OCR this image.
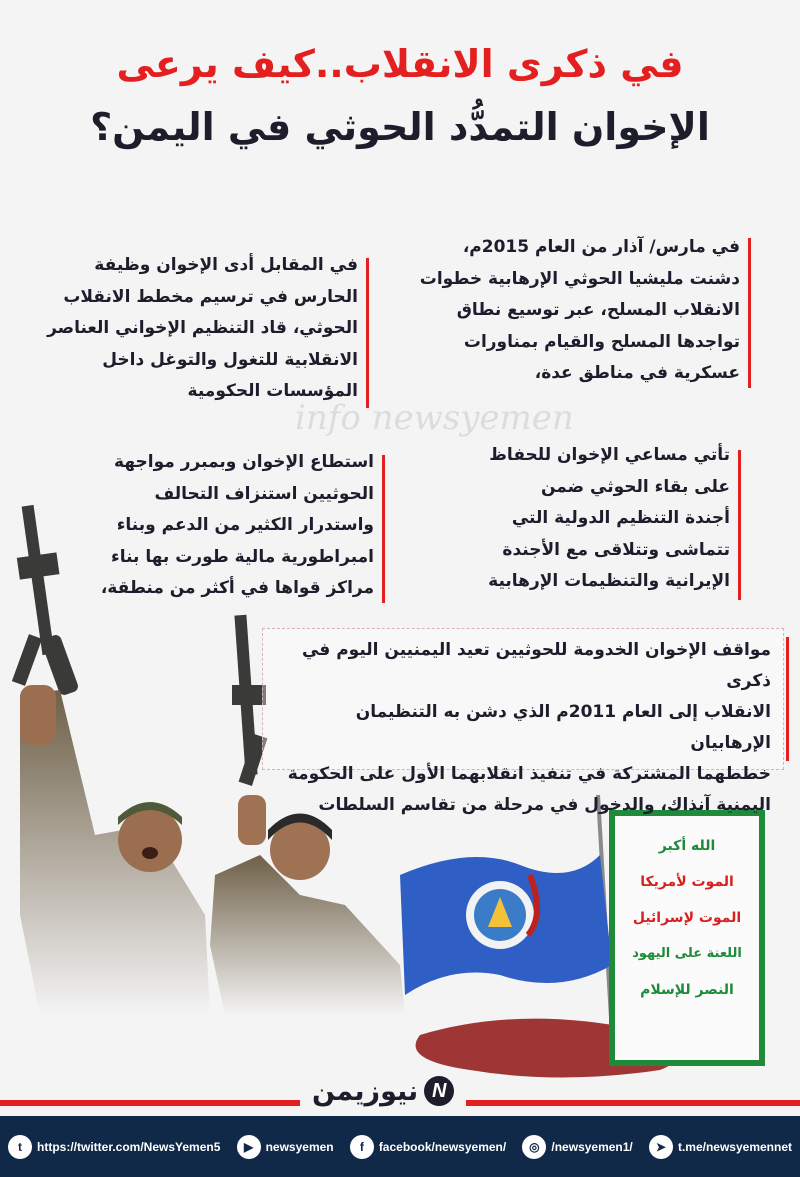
في ذكرى الانقلاب..كيف يرعى
الإخوان التمدُّد الحوثي في اليمن؟

في مارس/ آذار من العام 2015م،

دشنت مليشيا الحوثي الإرهابية خطوات

الانقلاب المسلح، عبر توسيع نطاق

تواجدها المسلح والقيام بمناورات

عسكرية في مناطق عدة،

في المقابل أدى الإخوان وظيفة

الحارس في ترسيم مخطط الانقلاب

الحوثي، قاد التنظيم الإخواني العناصر

الانقلابية للتغول والتوغل داخل

المؤسسات الحكومية

info newsyemen

تأتي مساعي الإخوان للحفاظ

على بقاء الحوثي ضمن

أجندة التنظيم الدولية التي

تتماشى وتتلاقى مع الأجندة

الإيرانية والتنظيمات الإرهابية

استطاع الإخوان وبمبرر مواجهة

الحوثيين استنزاف التحالف

واستدرار الكثير من الدعم وبناء

امبراطورية مالية طورت بها بناء

مراكز قواها في أكثر من منطقة،

الله أكبر
الموت لأمريكا
الموت لإسرائيل
اللعنة على اليهود
النصر للإسلام

مواقف الإخوان الخدومة للحوثيين تعيد اليمنيين اليوم في ذكرى

الانقلاب إلى العام 2011م الذي دشن به التنظيمان الإرهابيان

خططهما المشتركة في تنفيذ انقلابهما الأول على الحكومة

اليمنية آنذاك، والدخول في مرحلة من تقاسم السلطات

N
نيوزيمن
t	https://twitter.com/NewsYemen5	▶	newsyemen	f	facebook/newsyemen/	◎ /newsyemen1/	➤ t.me/newsyemennet
